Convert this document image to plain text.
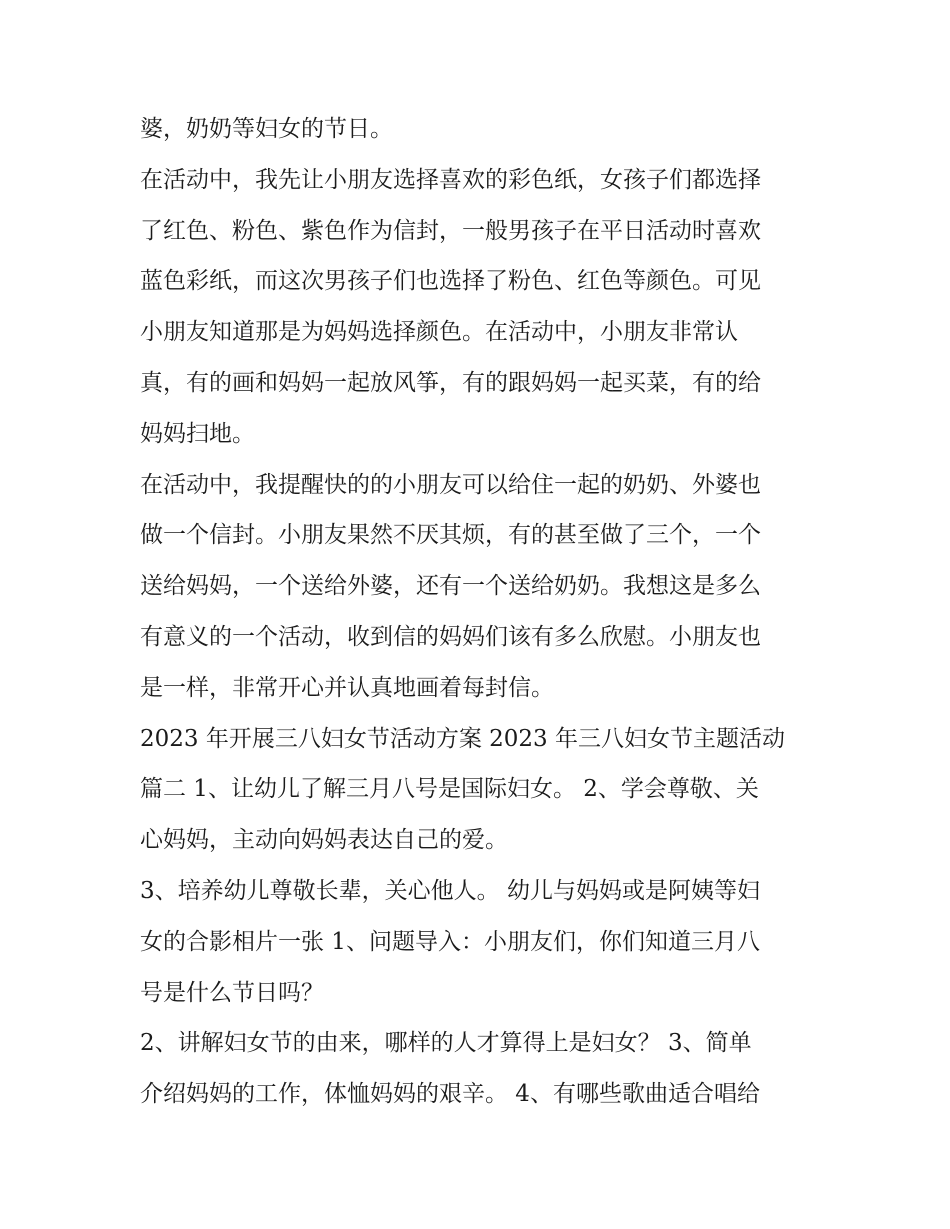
婆，奶奶等妇女的节日。
在活动中，我先让小朋友选择喜欢的彩色纸，女孩子们都选择
了红色、粉色、紫色作为信封，一般男孩子在平日活动时喜欢
蓝色彩纸，而这次男孩子们也选择了粉色、红色等颜色。可见
小朋友知道那是为妈妈选择颜色。在活动中，小朋友非常认
真，有的画和妈妈一起放风筝，有的跟妈妈一起买菜，有的给
妈妈扫地。
在活动中，我提醒快的的小朋友可以给住一起的奶奶、外婆也
做一个信封。小朋友果然不厌其烦，有的甚至做了三个，一个
送给妈妈，一个送给外婆，还有一个送给奶奶。我想这是多么
有意义的一个活动，收到信的妈妈们该有多么欣慰。小朋友也
是一样，非常开心并认真地画着每封信。
2023 年开展三八妇女节活动方案 2023 年三八妇女节主题活动
篇二 1、让幼儿了解三月八号是国际妇女。 2、学会尊敬、关
心妈妈，主动向妈妈表达自己的爱。
3、培养幼儿尊敬长辈，关心他人。 幼儿与妈妈或是阿姨等妇
女的合影相片一张 1、问题导入：小朋友们，你们知道三月八
号是什么节日吗？
2、讲解妇女节的由来，哪样的人才算得上是妇女？ 3、简单
介绍妈妈的工作，体恤妈妈的艰辛。 4、有哪些歌曲适合唱给
